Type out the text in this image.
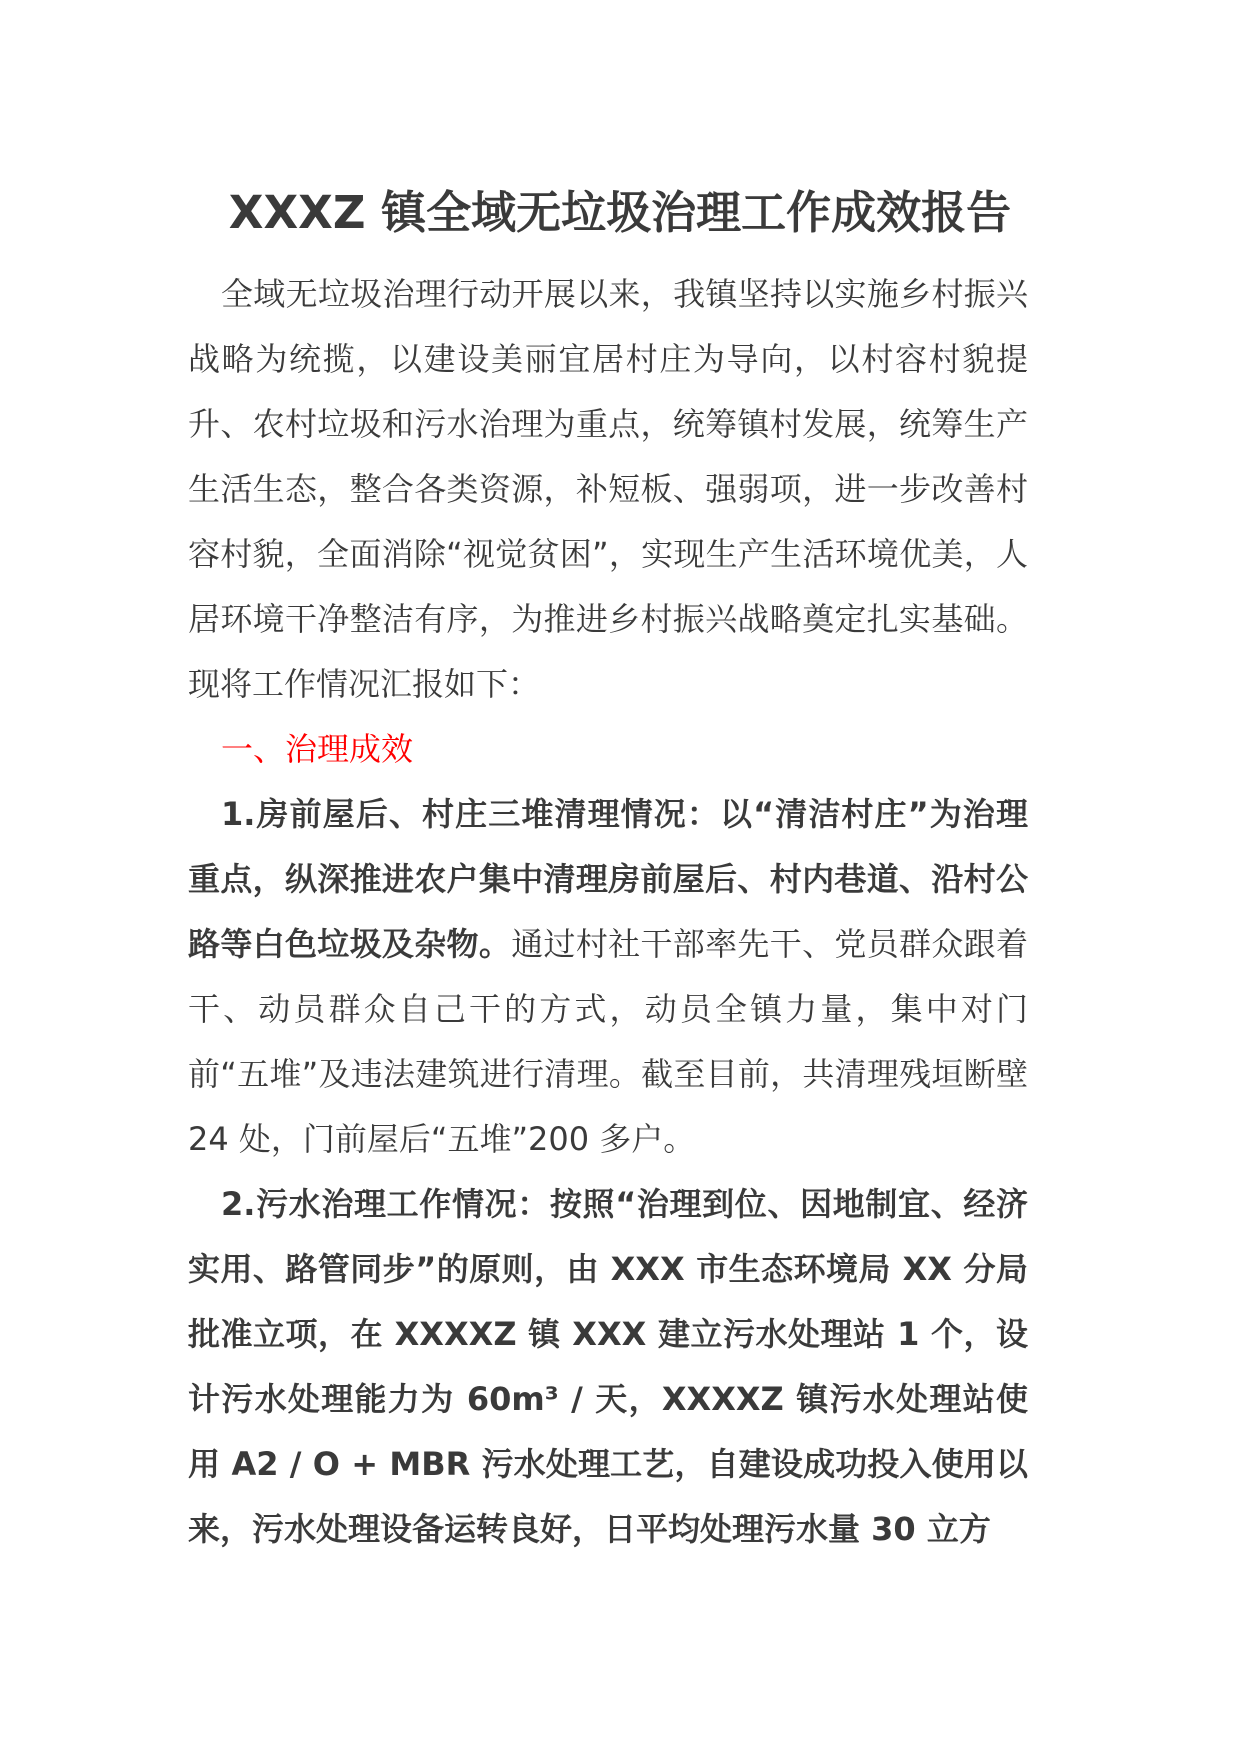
XXXZ 镇全域无垃圾治理工作成效报告

全域无垃圾治理行动开展以来，我镇坚持以实施乡村振兴战略为统揽，以建设美丽宜居村庄为导向，以村容村貌提升、农村垃圾和污水治理为重点，统筹镇村发展，统筹生产生活生态，整合各类资源，补短板、强弱项，进一步改善村容村貌，全面消除“视觉贫困”，实现生产生活环境优美，人居环境干净整洁有序，为推进乡村振兴战略奠定扎实基础。现将工作情况汇报如下：

一、治理成效

1.房前屋后、村庄三堆清理情况：以“清洁村庄”为治理重点，纵深推进农户集中清理房前屋后、村内巷道、沿村公路等白色垃圾及杂物。通过村社干部率先干、党员群众跟着干、动员群众自己干的方式，动员全镇力量，集中对门前“五堆”及违法建筑进行清理。截至目前，共清理残垣断壁 24 处，门前屋后“五堆”200 多户。

2.污水治理工作情况：按照“治理到位、因地制宜、经济实用、路管同步”的原则，由 XXX 市生态环境局 XX 分局批准立项，在 XXXXZ 镇 XXX 建立污水处理站 1 个，设计污水处理能力为 60m³ / 天，XXXXZ 镇污水处理站使用 A2 / O + MBR 污水处理工艺，自建设成功投入使用以来，污水处理设备运转良好，日平均处理污水量 30 立方
